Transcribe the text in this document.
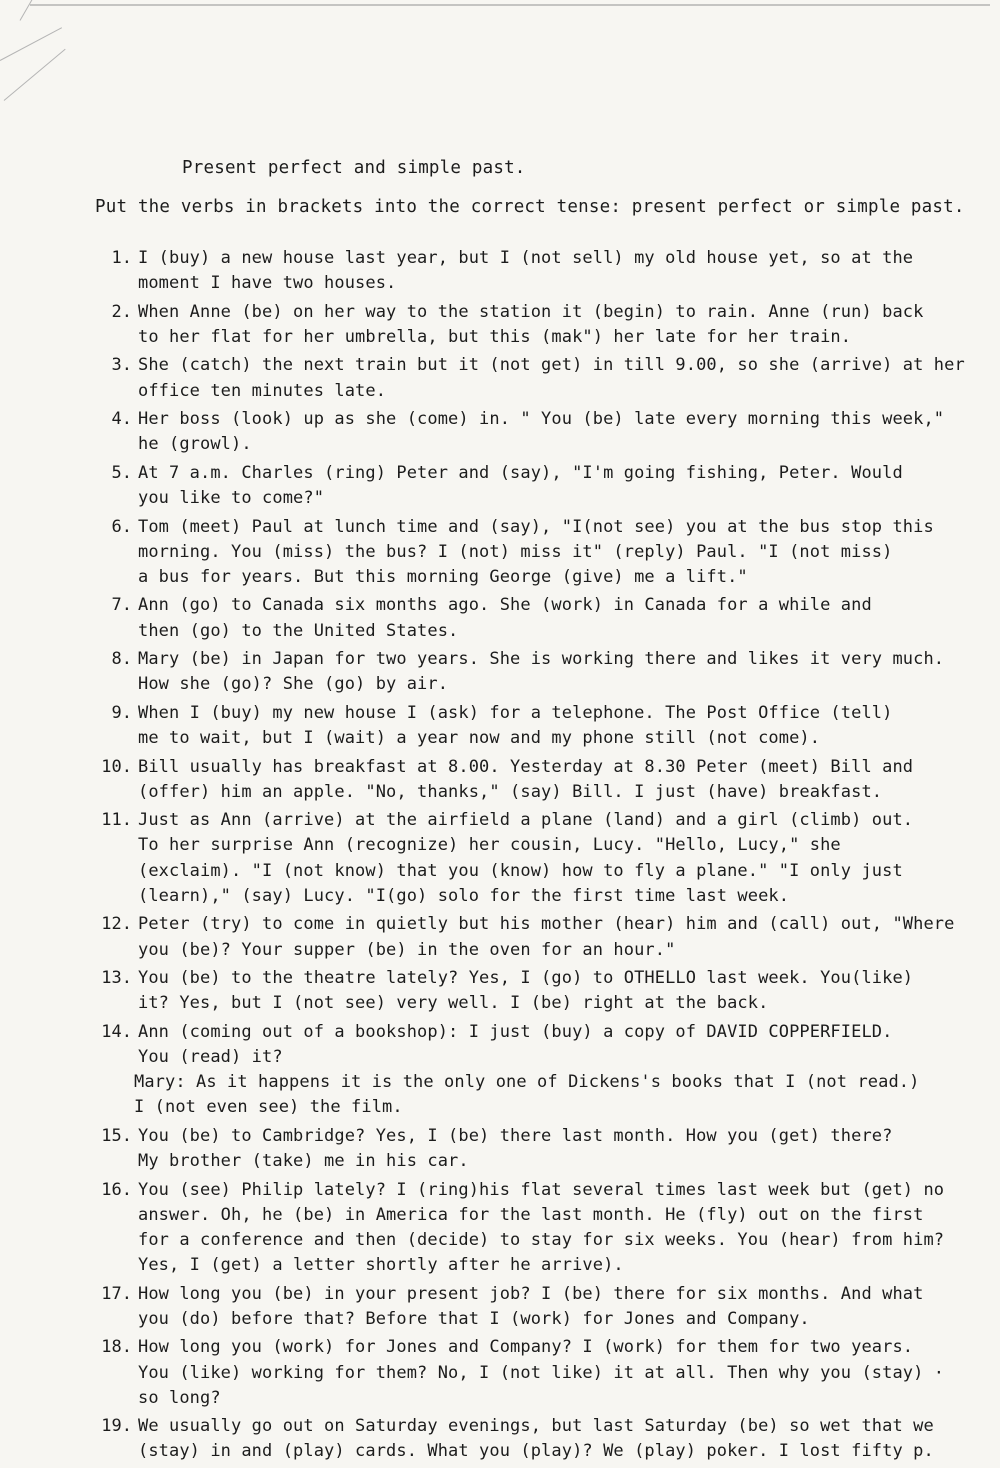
Present perfect and simple past.
Put the verbs in brackets into the correct tense: present perfect or simple past.
1. I (buy) a new house last year, but I (not sell) my old house yet, so at the
moment I have two houses.
2. When Anne (be) on her way to the station it (begin) to rain. Anne (run) back
to her flat for her umbrella, but this (mak") her late for her train.
3. She (catch) the next train but it (not get) in till 9.00, so she (arrive) at her
office ten minutes late.
4. Her boss (look) up as she (come) in. " You (be) late every morning this week,"
he (growl).
5. At 7 a.m. Charles (ring) Peter and (say), "I'm going fishing, Peter. Would
you like to come?"
6. Tom (meet) Paul at lunch time and (say), "I(not see) you at the bus stop this
morning. You (miss) the bus? I (not) miss it" (reply) Paul. "I (not miss)
a bus for years. But this morning George (give) me a lift."
7. Ann (go) to Canada six months ago. She (work) in Canada for a while and
then (go) to the United States.
8. Mary (be) in Japan for two years. She is working there and likes it very much.
How she (go)? She (go) by air.
9. When I (buy) my new house I (ask) for a telephone. The Post Office (tell)
me to wait, but I (wait) a year now and my phone still (not come).
10. Bill usually has breakfast at 8.00. Yesterday at 8.30 Peter (meet) Bill and
(offer) him an apple. "No, thanks," (say) Bill. I just (have) breakfast.
11. Just as Ann (arrive) at the airfield a plane (land) and a girl (climb) out.
To her surprise Ann (recognize) her cousin, Lucy. "Hello, Lucy," she
(exclaim). "I (not know) that you (know) how to fly a plane." "I only just
(learn)," (say) Lucy. "I(go) solo for the first time last week.
12. Peter (try) to come in quietly but his mother (hear) him and (call) out, "Where
you (be)? Your supper (be) in the oven for an hour."
13. You (be) to the theatre lately? Yes, I (go) to OTHELLO last week. You(like)
it? Yes, but I (not see) very well. I (be) right at the back.
14. Ann (coming out of a bookshop): I just (buy) a copy of DAVID COPPERFIELD.
You (read) it?
Mary: As it happens it is the only one of Dickens's books that I (not read.)
I (not even see) the film.
15. You (be) to Cambridge? Yes, I (be) there last month. How you (get) there?
My brother (take) me in his car.
16. You (see) Philip lately? I (ring)his flat several times last week but (get) no
answer. Oh, he (be) in America for the last month. He (fly) out on the first
for a conference and then (decide) to stay for six weeks. You (hear) from him?
Yes, I (get) a letter shortly after he arrive).
17. How long you (be) in your present job? I (be) there for six months. And what
you (do) before that? Before that I (work) for Jones and Company.
18. How long you (work) for Jones and Company? I (work) for them for two years.
You (like) working for them? No, I (not like) it at all. Then why you (stay) ·
so long?
19. We usually go out on Saturday evenings, but last Saturday (be) so wet that we
(stay) in and (play) cards. What you (play)? We (play) poker. I lost fifty p.
